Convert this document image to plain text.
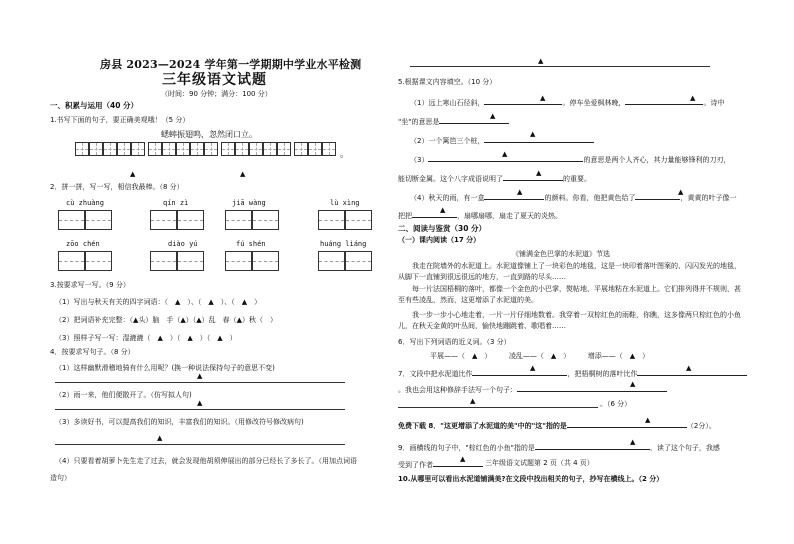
房县 2023—2024 学年第一学期期中学业水平检测
三年级语文试题
（时间：90 分钟；满分：100 分）
一、积累与运用（40 分）
1.书写下面的句子，要正确美观哦！（5 分）
蟋蟀振翅鸣，忽然闭口立。
。
▲	▲
2．拼一拼，写一写，相信我最棒。（8 分）
cù zhuàng	qín zì	jiā wàng	lù xìng
zōo chén	diào yú	fú shén	huáng liáng
3.按要求写一写。（9 分）
（1）写出与秋天有关的四字词语：（　▲　）、（　▲　）、（　▲　）
（2）把词语补充完整：（▲头）脑　手（▲）（▲）乱　春（▲）秋（　）
（3）照样子写一写：湿漉漉（　▲　）（　▲　）（　▲　）
4．按要求写句子。（8 分）
（1）这样幽默滑稽地骑有什么用呢？(换一种说法保持句子的意思不变)
▲
（2）雨一来，他们便散开了。（仿写拟人句)
▲
（3）多读好书，可以提高我们的知识，丰富我们的知识。（用修改符号修改病句)
▲
（4）只要看着胡萝卜先生走了过去，就会发现他胡须伸展出的部分已经长了多长了。（用加点词语
造句）
▲
5.根据课文内容填空。（10 分）
（1）远上寒山石径斜，	。停车坐爱枫林晚，	。诗中
▲	▲
"坐"的意思是
▲
（2）一个篱笆三个桩，
▲
（3）	的意思是两个人齐心，其力量能够锋利的刀刃，
▲
能切断金属。这个八字成语说明了	的重要。
▲
（4）秋天的雨，有一盒	的颜料。你看，他把黄色给了	，黄黄的叶子像一
▲	▲
把把	，扇哪扇哪，扇走了夏天的炎热。
▲
二、阅读与鉴赏（30 分）
（一）课内阅读（17 分）
《铺满金色巴掌的水泥道》节选
我走在院墙外的水泥道上。水泥道像铺上了一块彩色的地毯，这是一块印着落叶图案的、闪闪发光的地毯，从脚下一直铺到很远很远的地方，一直到路的尽头……
每一片法国梧桐的落叶，都像一个金色的小巴掌，熨帖地、平展地粘在水泥道上。它们排列得并不规则，甚至有些凌乱，然而，这更增添了水泥道的美。
我一步一步小心地走着，一片一片仔细地数着。我穿着一双棕红色的雨鞋，你瞧，这多像两只棕红色的小鱼儿，在秋天金黄的叶丛间，愉快地蹦跳着、歌唱着……
6．写出下列词语的近义词。（3 分）
平展——（　▲　）　　　凌乱——（　▲　）　　　增添——（　▲　）
7．文段中把水泥道比作	，把梧桐树的落叶比作
▲	▲
。我也会用这种修辞手法写一个句子：
▲
▲	。（6 分）
免费下载 8．"这更增添了水泥道的美"中的"这"指的是	（2分）。
▲
9．画横线的句子中，"棕红色的小鱼"指的是	，读了这个句子，我感
▲
受到了作者
▲	三年级语文试题第 2 页（共 4 页）
10.从哪里可以看出水泥道铺满美?在文段中找出相关的句子，抄写在横线上。（2 分）
